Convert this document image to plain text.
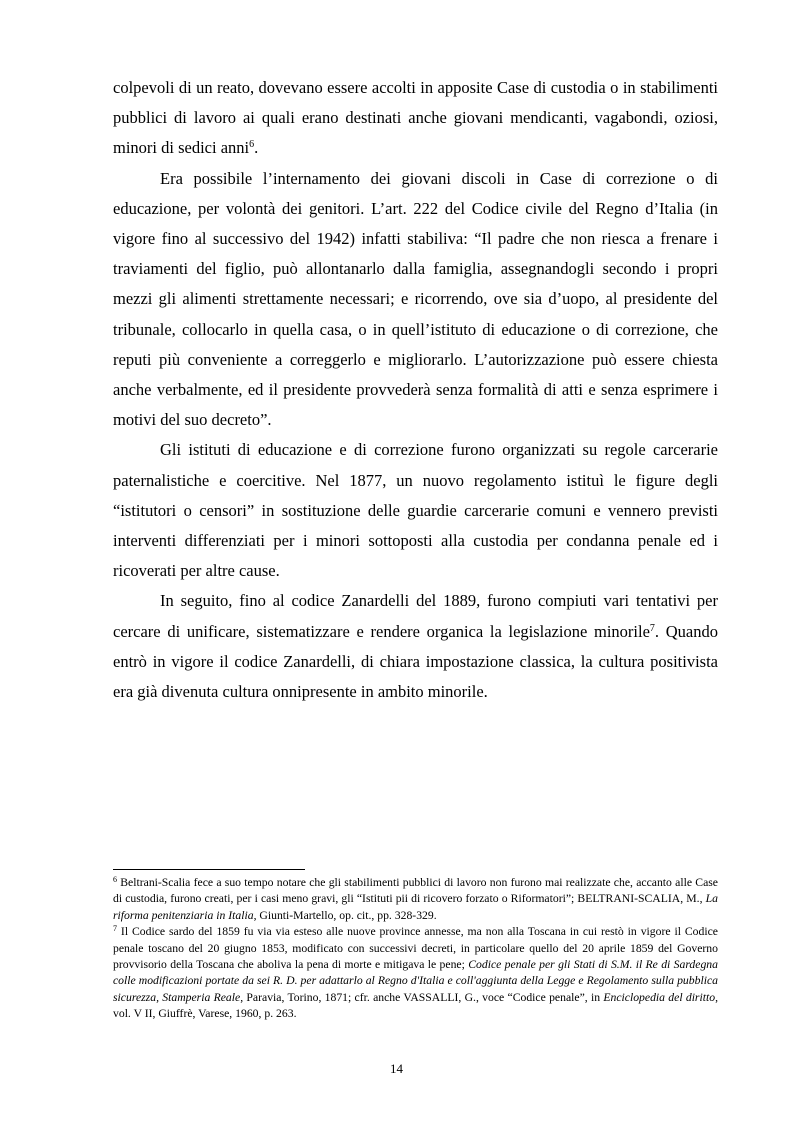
colpevoli di un reato, dovevano essere accolti in apposite Case di custodia o in stabilimenti pubblici di lavoro ai quali erano destinati anche giovani mendicanti, vagabondi, oziosi, minori di sedici anni$^6$.

Era possibile l’internamento dei giovani discoli in Case di correzione o di educazione, per volontà dei genitori. L’art. 222 del Codice civile del Regno d’Italia (in vigore fino al successivo del 1942) infatti stabiliva: “Il padre che non riesca a frenare i traviamenti del figlio, può allontanarlo dalla famiglia, assegnandogli secondo i propri mezzi gli alimenti strettamente necessari; e ricorrendo, ove sia d’uopo, al presidente del tribunale, collocarlo in quella casa, o in quell’istituto di educazione o di correzione, che reputi più conveniente a correggerlo e migliorarlo. L’autorizzazione può essere chiesta anche verbalmente, ed il presidente provvederà senza formalità di atti e senza esprimere i motivi del suo decreto”.

Gli istituti di educazione e di correzione furono organizzati su regole carcerarie paternalistiche e coercitive. Nel 1877, un nuovo regolamento istituì le figure degli “istitutori o censori” in sostituzione delle guardie carcerarie comuni e vennero previsti interventi differenziati per i minori sottoposti alla custodia per condanna penale ed i ricoverati per altre cause.

In seguito, fino al codice Zanardelli del 1889, furono compiuti vari tentativi per cercare di unificare, sistematizzare e rendere organica la legislazione minorile$^7$. Quando entrò in vigore il codice Zanardelli, di chiara impostazione classica, la cultura positivista era già divenuta cultura onnipresente in ambito minorile.

$^6$ Beltrani-Scalia fece a suo tempo notare che gli stabilimenti pubblici di lavoro non furono mai realizzate che, accanto alle Case di custodia, furono creati, per i casi meno gravi, gli “Istituti pii di ricovero forzato o Riformatori”; BELTRANI-SCALIA, M., La riforma penitenziaria in Italia, Giunti-Martello, op. cit., pp. 328-329.

$^7$ Il Codice sardo del 1859 fu via via esteso alle nuove province annesse, ma non alla Toscana in cui restò in vigore il Codice penale toscano del 20 giugno 1853, modificato con successivi decreti, in particolare quello del 20 aprile 1859 del Governo provvisorio della Toscana che aboliva la pena di morte e mitigava le pene; Codice penale per gli Stati di S.M. il Re di Sardegna colle modificazioni portate da sei R. D. per adattarlo al Regno d'Italia e coll'aggiunta della Legge e Regolamento sulla pubblica sicurezza, Stamperia Reale, Paravia, Torino, 1871; cfr. anche VASSALLI, G., voce “Codice penale”, in Enciclopedia del diritto, vol. V II, Giuffrè, Varese, 1960, p. 263.

14
